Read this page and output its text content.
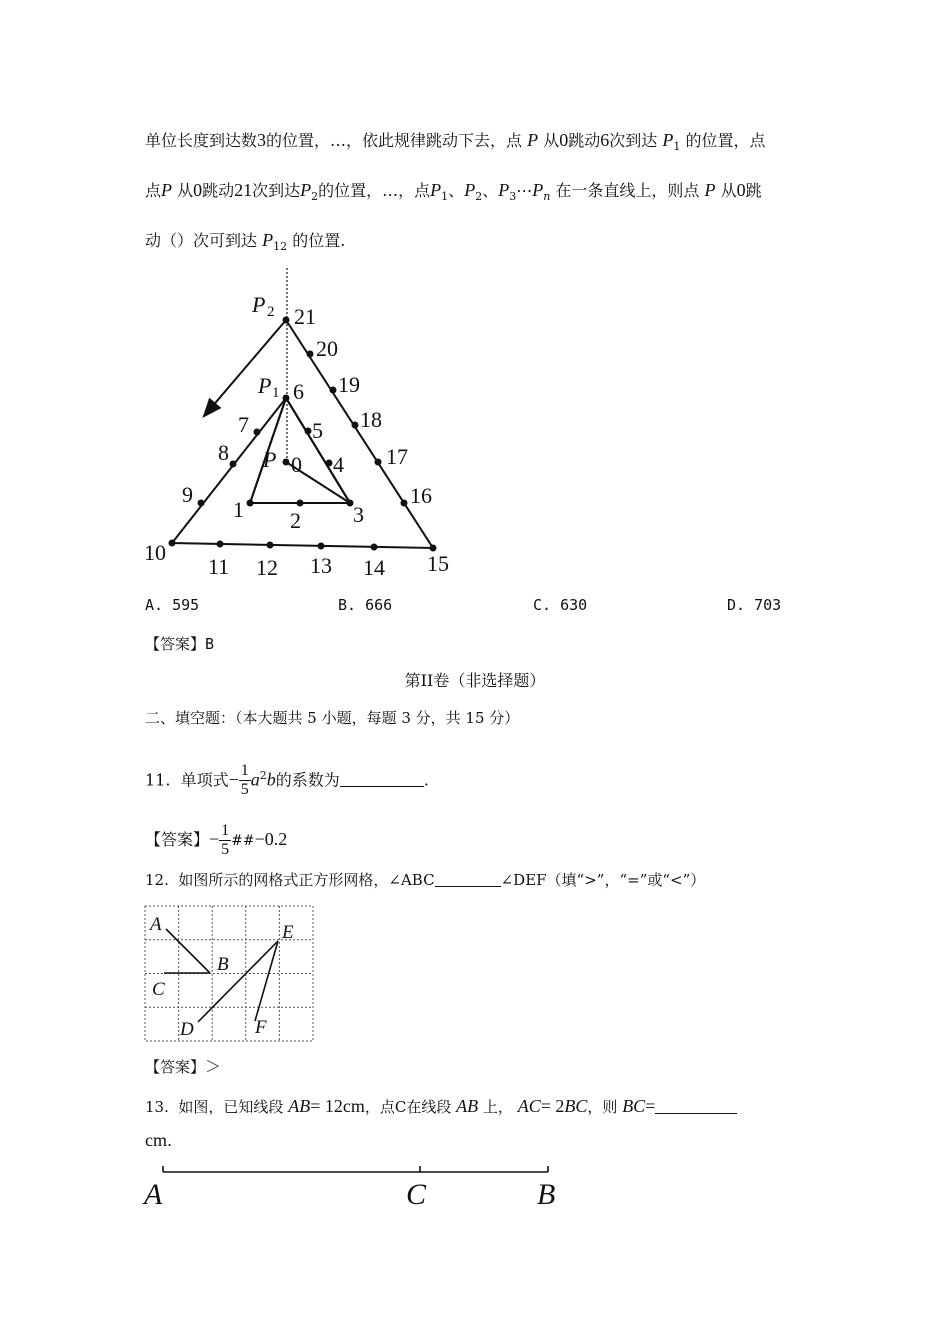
单位长度到达数3的位置，…，依此规律跳动下去，点 P 从0跳动6次到达 $P_1$ 的位置，点
点P 从0跳动21次到达$P_2$的位置，…，点$P_1$、$P_2$、$P_3\cdots P_n$ 在一条直线上，则点 P 从0跳
动（）次可到达 $P_{12}$ 的位置.
P 2
P 1
P 0
1 2 3
4
5
6
7
8
9
10
11 12 13 14 15
16
17
18
19
20
21
A. 595	B. 666	C. 630	D. 703
【答案】B
第II卷（非选择题）
二、填空题：（本大题共 5 小题，每题 3 分，共 15 分）
11. 单项式− $\frac{1}{5} a^2b$的系数为	.
【答案】− $\frac{1}{5}$ ##−0.2
12. 如图所示的网格式正方形网格，∠ABC	∠DEF（填“>”，“=”或“<”）
A
B
C
D
E
F
【答案】＞
13. 如图，已知线段 AB= 12cm，点C在线段 AB 上， AC= 2BC，则 BC=
cm.
A	C	B
